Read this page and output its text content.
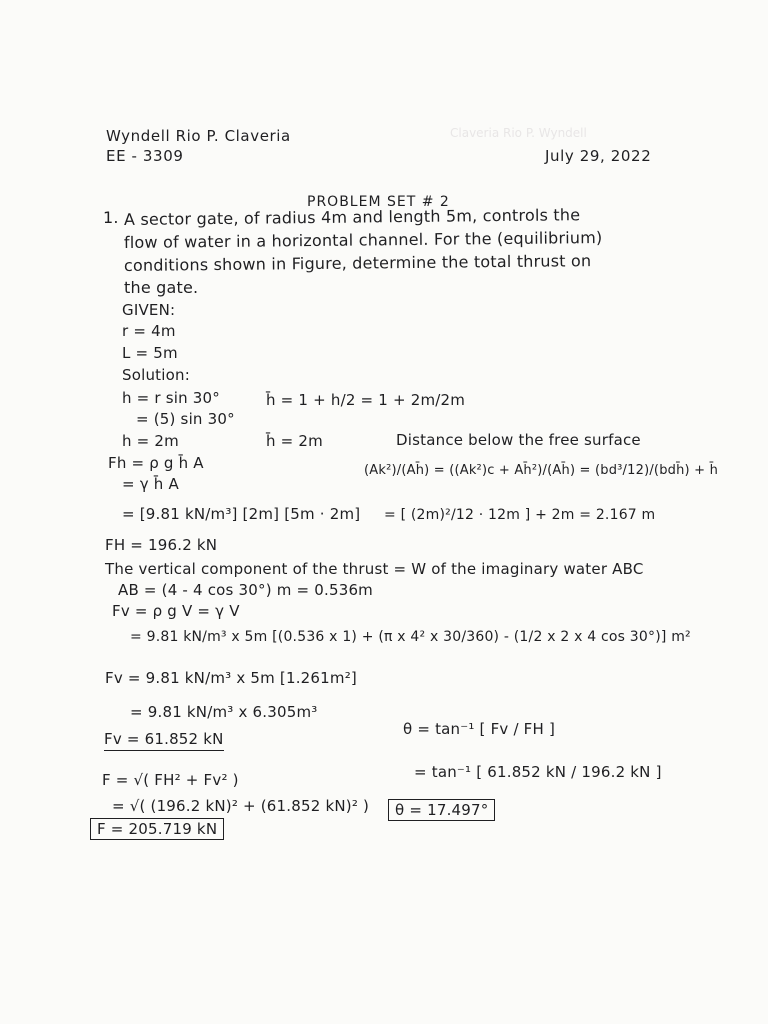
Claveria Rio P. Wyndell
Wyndell Rio P. Claveria
EE - 3309	July 29, 2022
PROBLEM SET # 2
1. A sector gate, of radius 4m and length 5m, controls the
flow of water in a horizontal channel. For the (equilibrium)
conditions shown in Figure, determine the total thrust on
the gate.
GIVEN:
r = 4m
L = 5m
Solution:
h = r sin 30°
= (5) sin 30°
h = 2m
h̄ = 1 + h/2 = 1 + 2m/2m
h̄ = 2m	Distance below the free surface
(Ak²)/(Ah̄) = ((Ak²)c + Ah̄²)/(Ah̄) = (bd³/12)/(bdh̄) + h̄
= [ (2m)²/12 · 12m ] + 2m = 2.167 m
Fh = ρ g h̄ A
= γ h̄ A
= [9.81 kN/m³] [2m] [5m · 2m]
FH = 196.2 kN
The vertical component of the thrust = W of the imaginary water ABC
AB = (4 - 4 cos 30°) m = 0.536m
Fv = ρ g V = γ V
= 9.81 kN/m³ x 5m [(0.536 x 1) + (π x 4² x 30/360) - (1/2 x 2 x 4 cos 30°)] m²
Fv = 9.81 kN/m³ x 5m [1.261m²]
= 9.81 kN/m³ x 6.305m³
Fv = 61.852 kN
θ = tan⁻¹ [ Fv / FH ]
= tan⁻¹ [ 61.852 kN / 196.2 kN ]
θ = 17.497°
F = √( FH² + Fv² )
= √( (196.2 kN)² + (61.852 kN)² )
F = 205.719 kN
